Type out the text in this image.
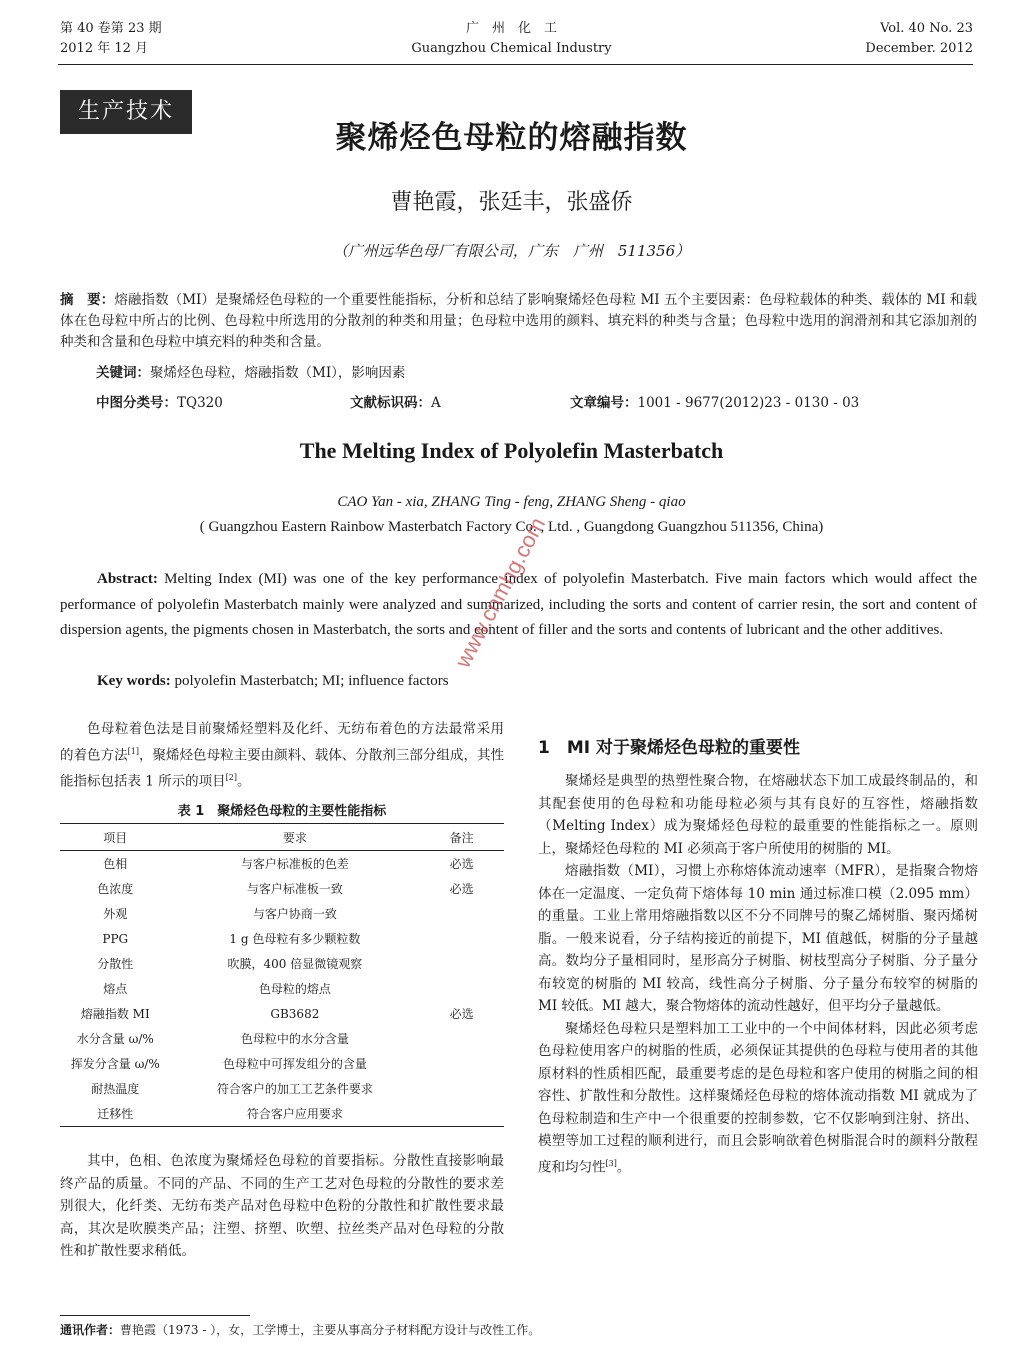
第 40 卷第 23 期
2012 年 12 月
广　州　化　工
Guangzhou Chemical Industry
Vol. 40 No. 23
December. 2012
生产技术
聚烯烃色母粒的熔融指数
曹艳霞，张廷丰，张盛侨
（广州远华色母厂有限公司，广东　广州　511356）
摘　要：熔融指数（MI）是聚烯烃色母粒的一个重要性能指标，分析和总结了影响聚烯烃色母粒 MI 五个主要因素：色母粒载体的种类、载体的 MI 和载体在色母粒中所占的比例、色母粒中所选用的分散剂的种类和用量；色母粒中选用的颜料、填充料的种类与含量；色母粒中选用的润滑剂和其它添加剂的种类和含量和色母粒中填充料的种类和含量。
关键词：聚烯烃色母粒，熔融指数（MI），影响因素
中图分类号：TQ320	文献标识码：A	文章编号：1001 - 9677(2012)23 - 0130 - 03
The Melting Index of Polyolefin Masterbatch
CAO Yan - xia, ZHANG Ting - feng, ZHANG Sheng - qiao
( Guangzhou Eastern Rainbow Masterbatch Factory Co. , Ltd. , Guangdong Guangzhou 511356, China)
Abstract: Melting Index (MI) was one of the key performance index of polyolefin Masterbatch. Five main factors which would affect the performance of polyolefin Masterbatch mainly were analyzed and summarized, including the sorts and content of carrier resin, the sort and content of dispersion agents, the pigments chosen in Masterbatch, the sorts and content of filler and the sorts and contents of lubricant and the other additives.
Key words: polyolefin Masterbatch; MI; influence factors

色母粒着色法是目前聚烯烃塑料及化纤、无纺布着色的方法最常采用的着色方法[1]，聚烯烃色母粒主要由颜料、载体、分散剂三部分组成，其性能指标包括表 1 所示的项目[2]。

表 1　聚烯烃色母粒的主要性能指标
项目	要求	备注
色相	与客户标准板的色差	必选
色浓度	与客户标准板一致	必选
外观	与客户协商一致	
PPG	1 g 色母粒有多少颗粒数	
分散性	吹膜，400 倍显微镜观察	
熔点	色母粒的熔点	
熔融指数 MI	GB3682	必选
水分含量 ω/%	色母粒中的水分含量	
挥发分含量 ω/%	色母粒中可挥发组分的含量	
耐热温度	符合客户的加工工艺条件要求	
迁移性	符合客户应用要求	

其中，色相、色浓度为聚烯烃色母粒的首要指标。分散性直接影响最终产品的质量。不同的产品、不同的生产工艺对色母粒的分散性的要求差别很大，化纤类、无纺布类产品对色母粒中色粉的分散性和扩散性要求最高，其次是吹膜类产品；注塑、挤塑、吹塑、拉丝类产品对色母粒的分散性和扩散性要求稍低。

1　MI 对于聚烯烃色母粒的重要性

聚烯烃是典型的热塑性聚合物，在熔融状态下加工成最终制品的，和其配套使用的色母粒和功能母粒必须与其有良好的互容性，熔融指数（Melting Index）成为聚烯烃色母粒的最重要的性能指标之一。原则上，聚烯烃色母粒的 MI 必须高于客户所使用的树脂的 MI。

熔融指数（MI），习惯上亦称熔体流动速率（MFR），是指聚合物熔体在一定温度、一定负荷下熔体每 10 min 通过标准口模（2.095 mm）的重量。工业上常用熔融指数以区不分不同牌号的聚乙烯树脂、聚丙烯树脂。一般来说看，分子结构接近的前提下，MI 值越低，树脂的分子量越高。数均分子量相同时，星形高分子树脂、树枝型高分子树脂、分子量分布较宽的树脂的 MI 较高，线性高分子树脂、分子量分布较窄的树脂的 MI 较低。MI 越大，聚合物熔体的流动性越好，但平均分子量越低。

聚烯烃色母粒只是塑料加工工业中的一个中间体材料，因此必须考虑色母粒使用客户的树脂的性质，必须保证其提供的色母粒与使用者的其他原材料的性质相匹配，最重要考虑的是色母粒和客户使用的树脂之间的相容性、扩散性和分散性。这样聚烯烃色母粒的熔体流动指数 MI 就成为了色母粒制造和生产中一个很重要的控制参数，它不仅影响到注射、挤出、模塑等加工过程的顺利进行，而且会影响欲着色树脂混合时的颜料分散程度和均匀性[3]。

通讯作者：曹艳霞（1973 - ），女，工学博士，主要从事高分子材料配方设计与改性工作。
www.cnmhg.com
